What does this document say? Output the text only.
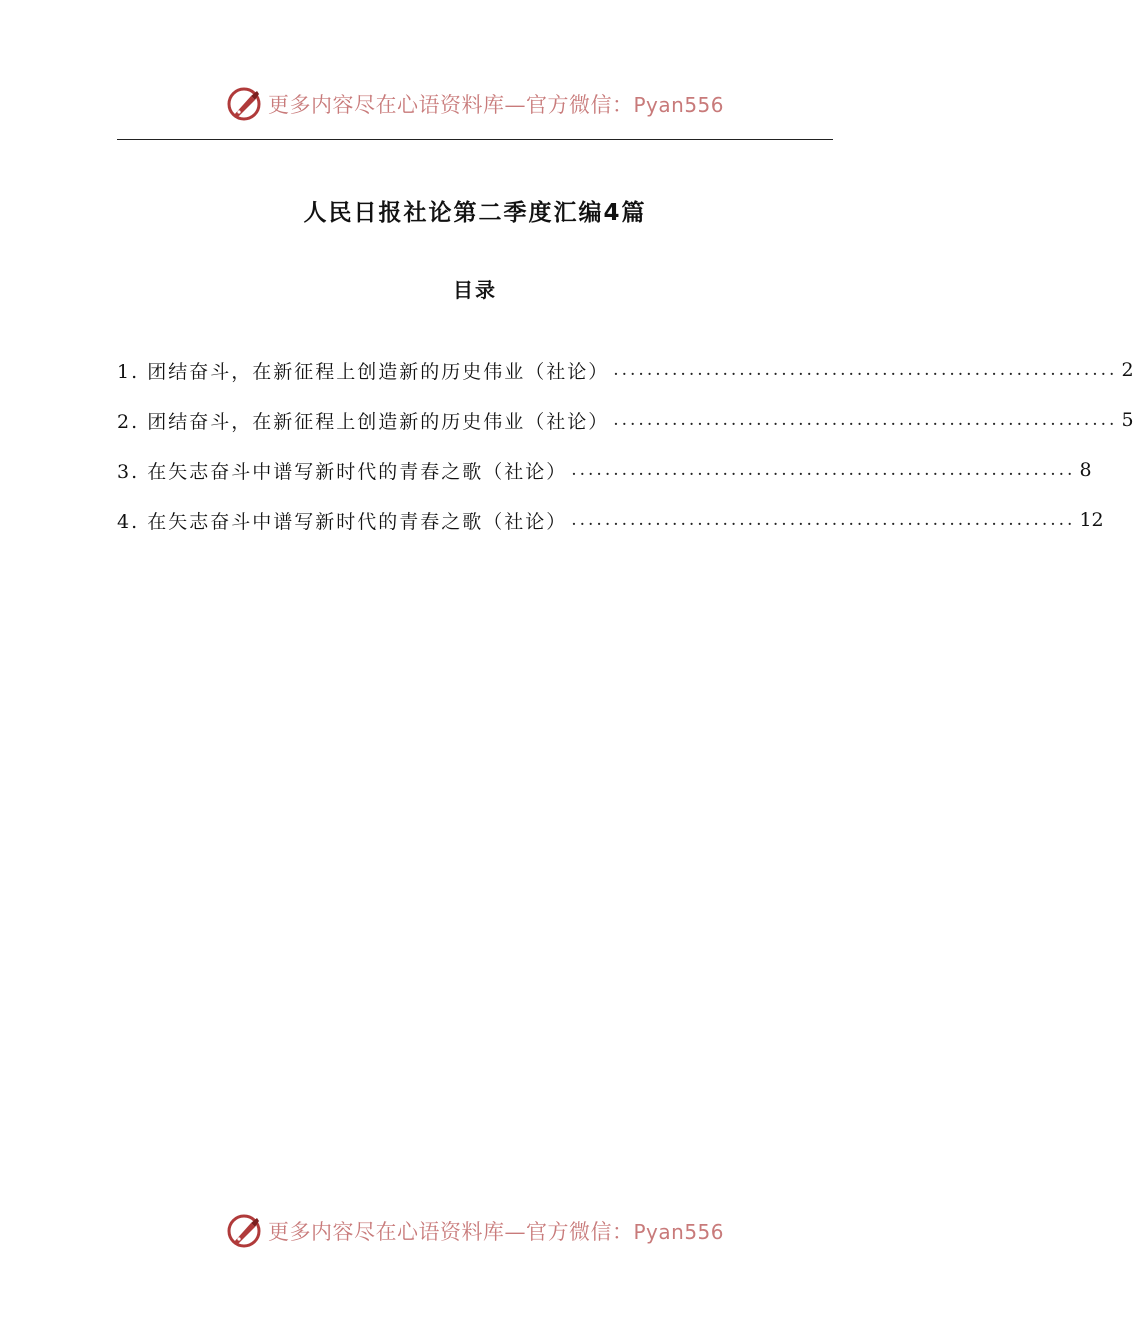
更多内容尽在心语资料库—官方微信：Pyan556
人民日报社论第二季度汇编4篇
目录
1. 团结奋斗，在新征程上创造新的历史伟业（社论） ............................................................ 2
2. 团结奋斗，在新征程上创造新的历史伟业（社论） ............................................................ 5
3. 在矢志奋斗中谱写新时代的青春之歌（社论） ............................................................ 8
4. 在矢志奋斗中谱写新时代的青春之歌（社论） ............................................................ 12
更多内容尽在心语资料库—官方微信：Pyan556
